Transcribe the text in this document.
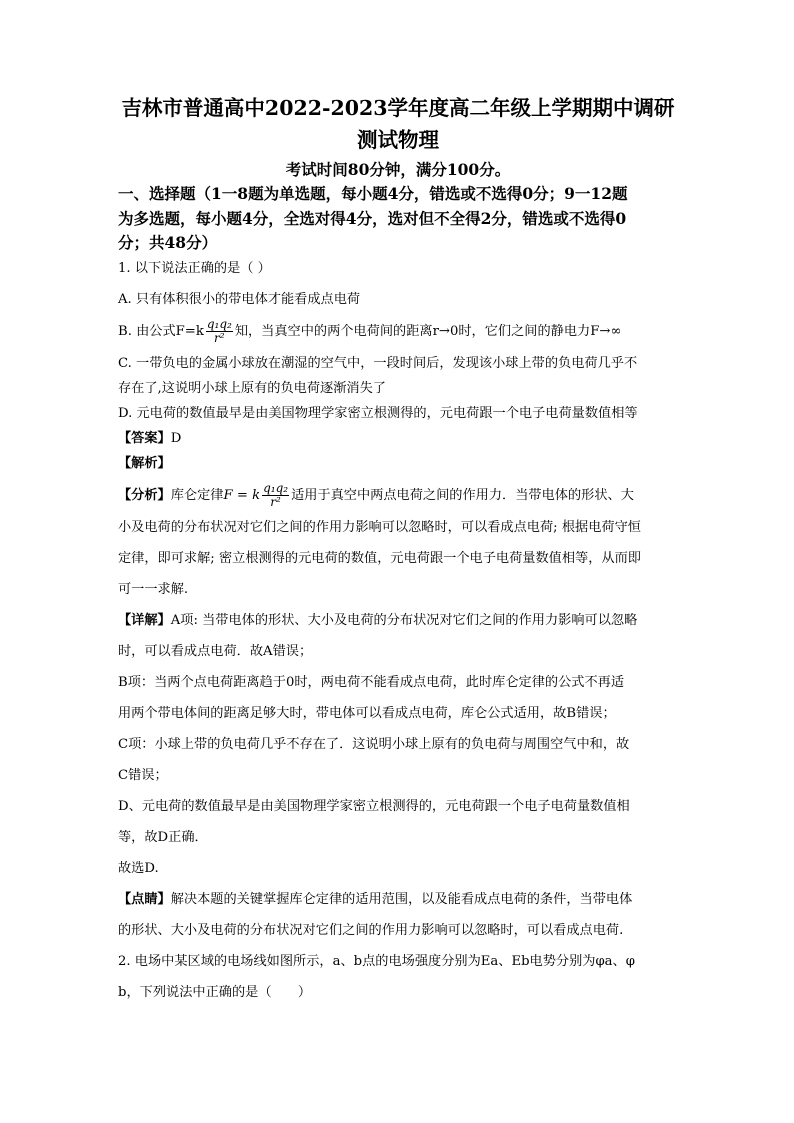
吉林市普通高中2022-2023学年度高二年级上学期期中调研

测试物理

考试时间80分钟，满分100分。

一、选择题（1一8题为单选题，每小题4分，错选或不选得0分；9一12题

为多选题，每小题4分，全选对得4分，选对但不全得2分，错选或不选得0

分；共48分）

1. 以下说法正确的是（ ）

A. 只有体积很小的带电体才能看成点电荷

B. 由公式$F=k \frac{\text{q₁q₂}}{\text{r²}}$ 知，当真空中的两个电荷间的距离r→0时，它们之间的静电力F→∞

C. 一带负电的金属小球放在潮湿的空气中，一段时间后，发现该小球上带的负电荷几乎不

存在了,这说明小球上原有的负电荷逐渐消失了

D. 元电荷的数值最早是由美国物理学家密立根测得的，元电荷跟一个电子电荷量数值相等

【答案】D

【解析】

【分析】库仑定律F = k $\frac{\text{q₁q₂}}{\text{r²}}$ 适用于真空中两点电荷之间的作用力．当带电体的形状、大

小及电荷的分布状况对它们之间的作用力影响可以忽略时，可以看成点电荷; 根据电荷守恒

定律，即可求解; 密立根测得的元电荷的数值，元电荷跟一个电子电荷量数值相等，从而即

可一一求解.

【详解】A项: 当带电体的形状、大小及电荷的分布状况对它们之间的作用力影响可以忽略

时，可以看成点电荷．故A错误；

B项：当两个点电荷距离趋于0时，两电荷不能看成点电荷，此时库仑定律的公式不再适

用两个带电体间的距离足够大时，带电体可以看成点电荷，库仑公式适用，故B错误；

C项：小球上带的负电荷几乎不存在了．这说明小球上原有的负电荷与周围空气中和，故

C错误；

D、元电荷的数值最早是由美国物理学家密立根测得的，元电荷跟一个电子电荷量数值相

等，故D正确．

故选D.

【点睛】解决本题的关键掌握库仑定律的适用范围，以及能看成点电荷的条件，当带电体

的形状、大小及电荷的分布状况对它们之间的作用力影响可以忽略时，可以看成点电荷.

2. 电场中某区域的电场线如图所示，a、b点的电场强度分别为Ea、Eb电势分别为φa、φ

b，下列说法中正确的是（　　）
